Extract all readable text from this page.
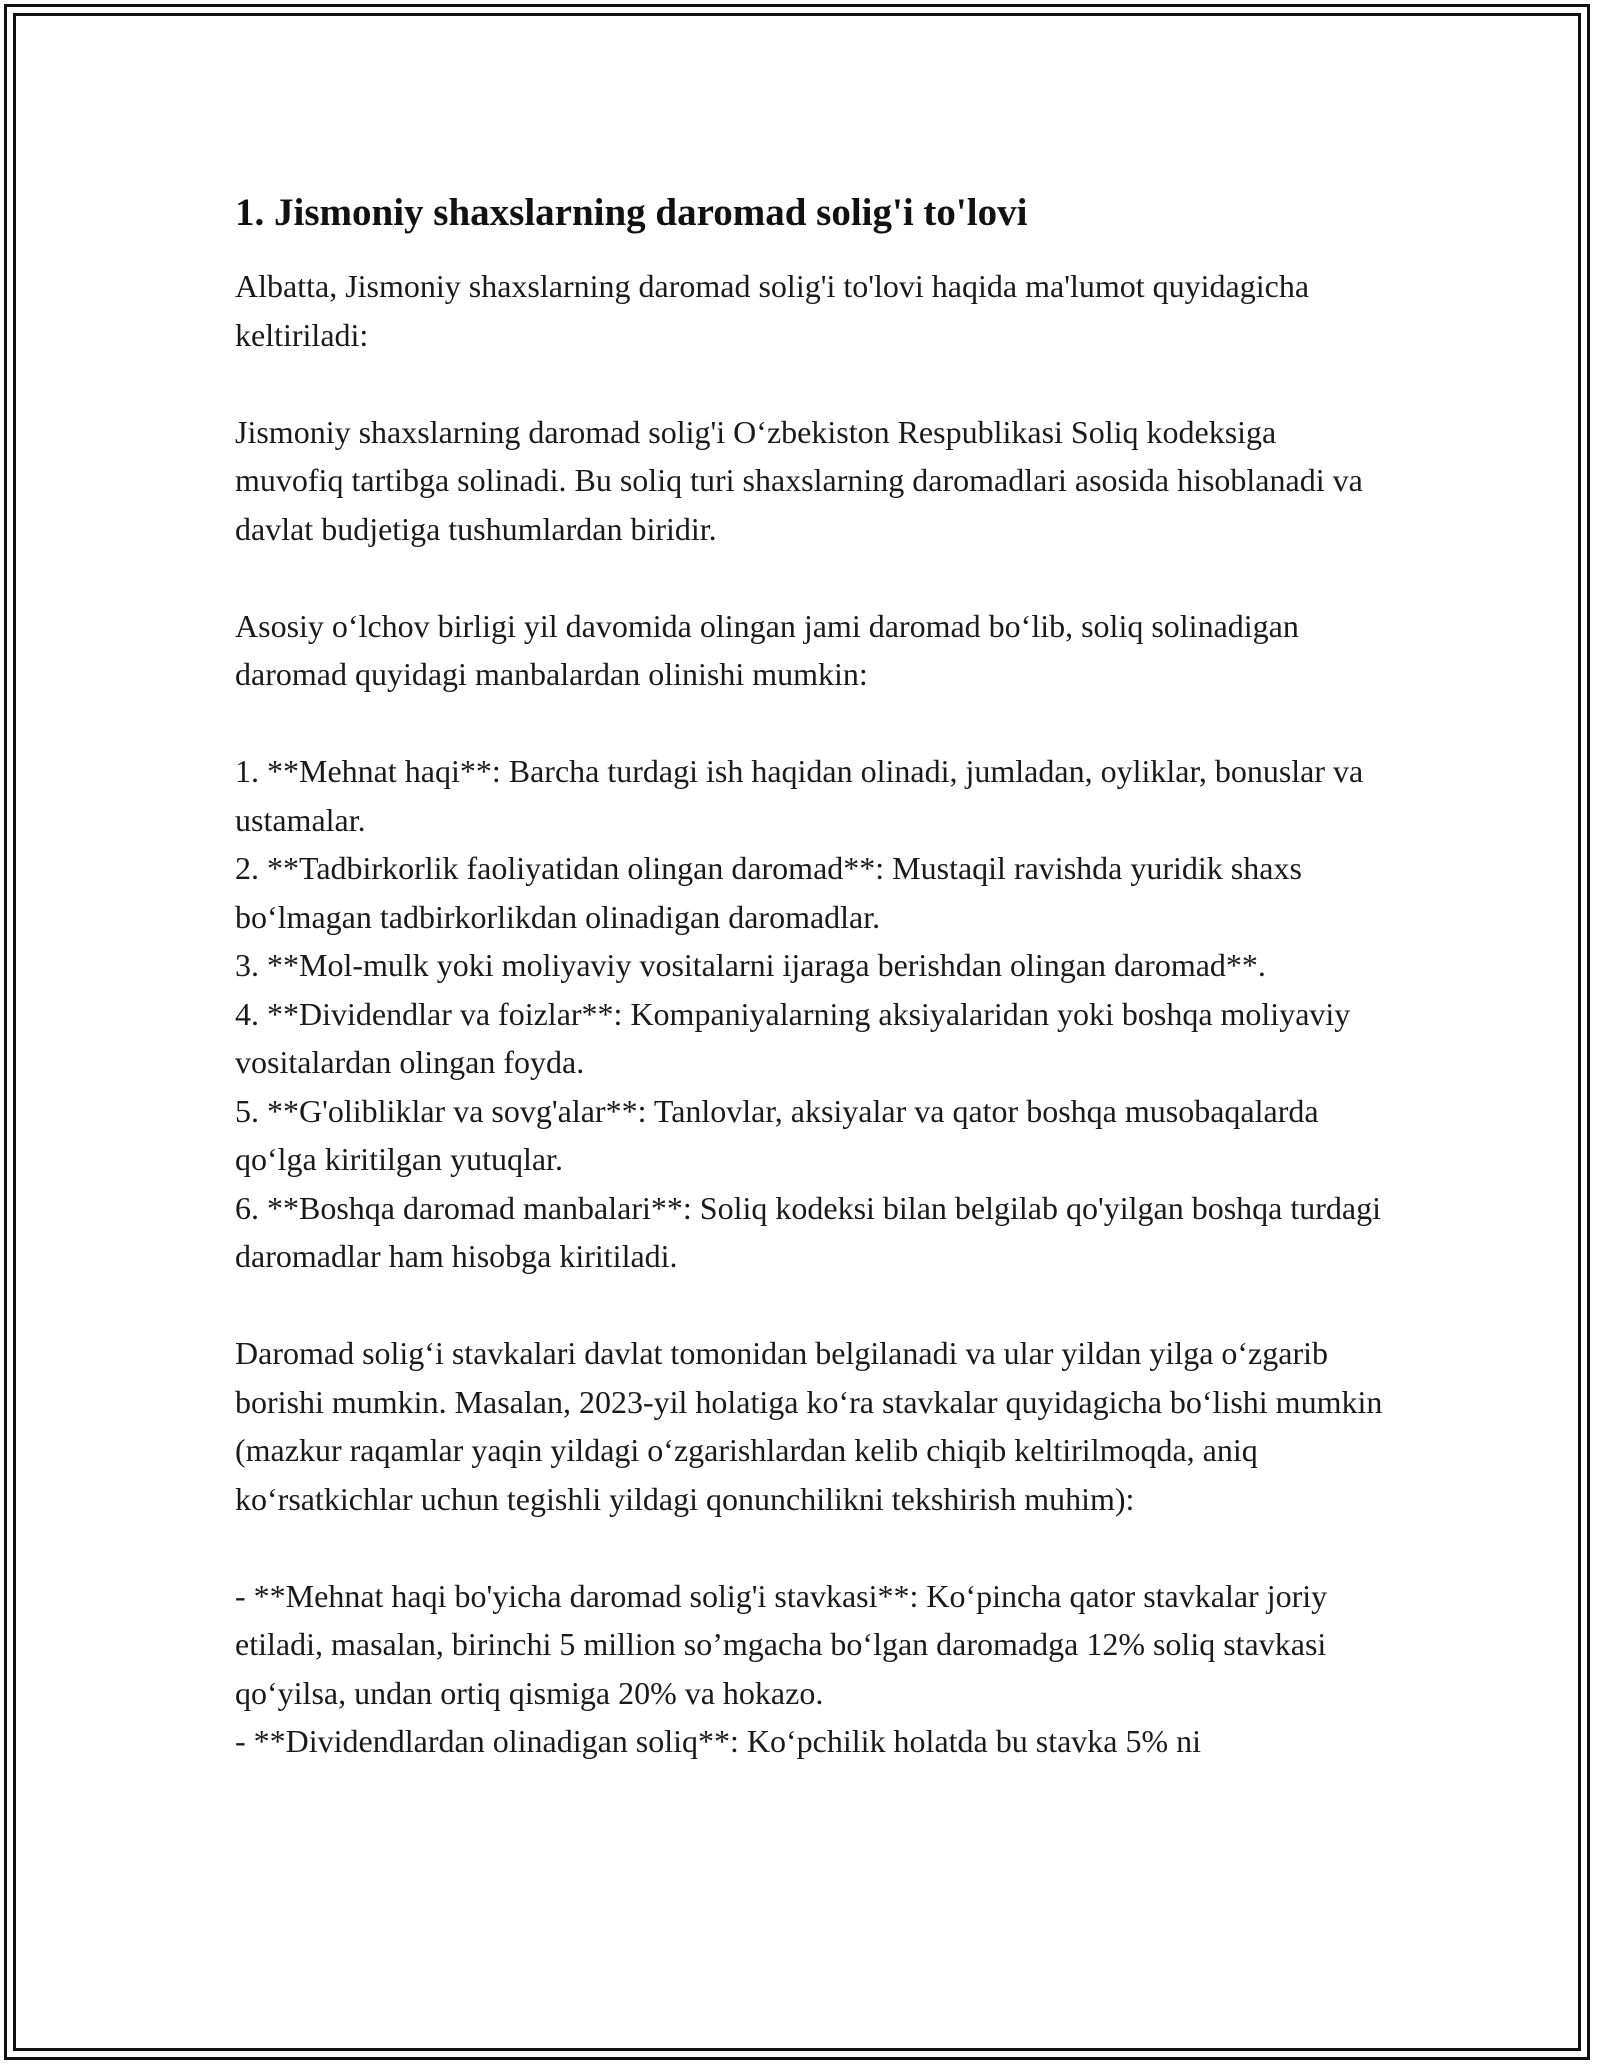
1. Jismoniy shaxslarning daromad solig'i to'lovi

Albatta, Jismoniy shaxslarning daromad solig'i to'lovi haqida ma'lumot quyidagicha keltiriladi:

Jismoniy shaxslarning daromad solig'i O‘zbekiston Respublikasi Soliq kodeksiga muvofiq tartibga solinadi. Bu soliq turi shaxslarning daromadlari asosida hisoblanadi va davlat budjetiga tushumlardan biridir.

Asosiy o‘lchov birligi yil davomida olingan jami daromad bo‘lib, soliq solinadigan daromad quyidagi manbalardan olinishi mumkin:

1. **Mehnat haqi**: Barcha turdagi ish haqidan olinadi, jumladan, oyliklar, bonuslar va ustamalar.

2. **Tadbirkorlik faoliyatidan olingan daromad**: Mustaqil ravishda yuridik shaxs bo‘lmagan tadbirkorlikdan olinadigan daromadlar.

3. **Mol-mulk yoki moliyaviy vositalarni ijaraga berishdan olingan daromad**.

4. **Dividendlar va foizlar**: Kompaniyalarning aksiyalaridan yoki boshqa moliyaviy vositalardan olingan foyda.

5. **G'olibliklar va sovg'alar**: Tanlovlar, aksiyalar va qator boshqa musobaqalarda qo‘lga kiritilgan yutuqlar.

6. **Boshqa daromad manbalari**: Soliq kodeksi bilan belgilab qo'yilgan boshqa turdagi daromadlar ham hisobga kiritiladi.

Daromad solig‘i stavkalari davlat tomonidan belgilanadi va ular yildan yilga o‘zgarib borishi mumkin. Masalan, 2023-yil holatiga ko‘ra stavkalar quyidagicha bo‘lishi mumkin (mazkur raqamlar yaqin yildagi o‘zgarishlardan kelib chiqib keltirilmoqda, aniq ko‘rsatkichlar uchun tegishli yildagi qonunchilikni tekshirish muhim):

- **Mehnat haqi bo'yicha daromad solig'i stavkasi**: Ko‘pincha qator stavkalar joriy etiladi, masalan, birinchi 5 million so’mgacha bo‘lgan daromadga 12% soliq stavkasi qo‘yilsa, undan ortiq qismiga 20% va hokazo.

- **Dividendlardan olinadigan soliq**: Ko‘pchilik holatda bu stavka 5% ni
